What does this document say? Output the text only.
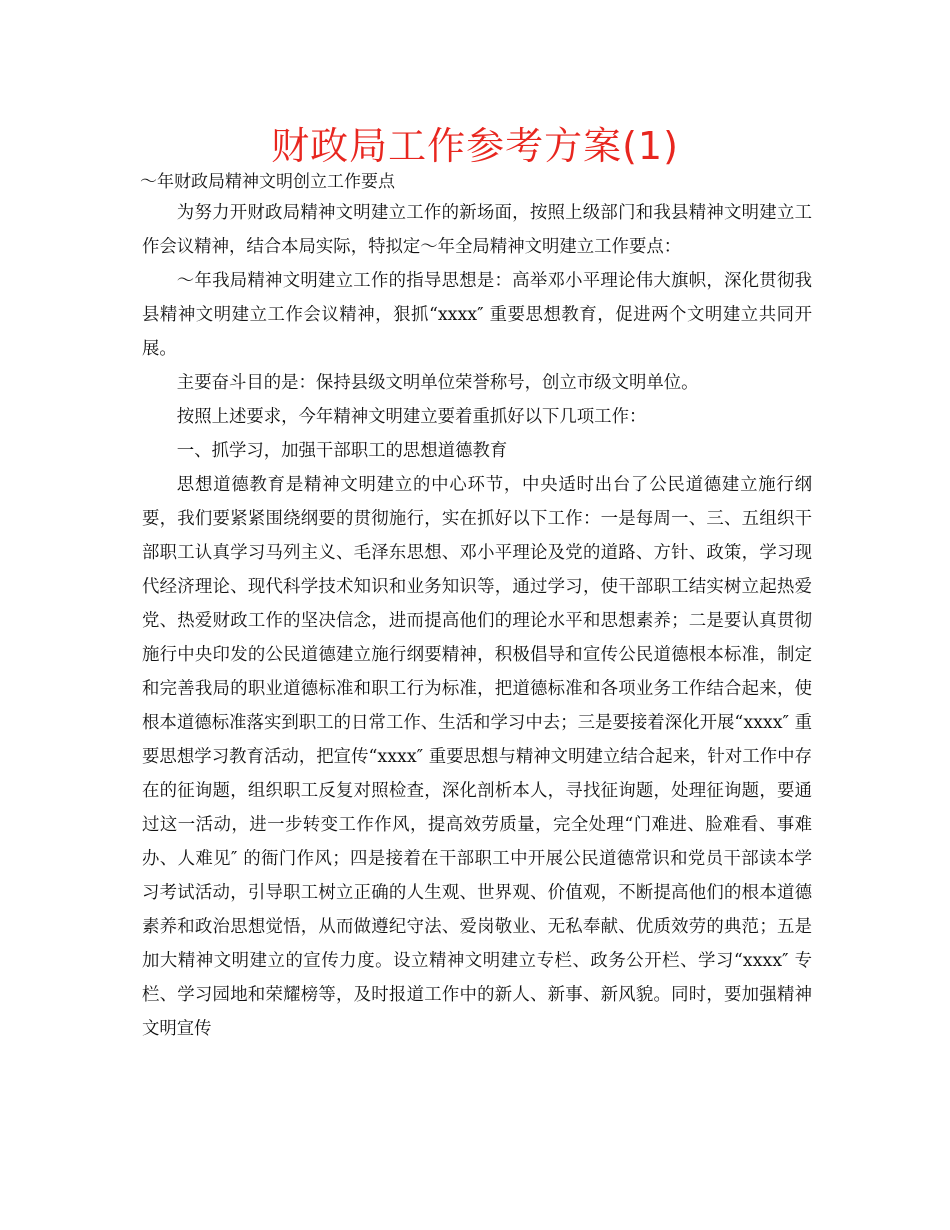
财政局工作参考方案(1)
～年财政局精神文明创立工作要点

为努力开财政局精神文明建立工作的新场面，按照上级部门和我县精神文明建立工作会议精神，结合本局实际，特拟定～年全局精神文明建立工作要点：

～年我局精神文明建立工作的指导思想是：高举邓小平理论伟大旗帜，深化贯彻我县精神文明建立工作会议精神，狠抓“xxxx″ 重要思想教育，促进两个文明建立共同开展。

主要奋斗目的是：保持县级文明单位荣誉称号，创立市级文明单位。

按照上述要求，今年精神文明建立要着重抓好以下几项工作：

一、抓学习，加强干部职工的思想道德教育

思想道德教育是精神文明建立的中心环节，中央适时出台了公民道德建立施行纲要，我们要紧紧围绕纲要的贯彻施行，实在抓好以下工作：一是每周一、三、五组织干部职工认真学习马列主义、毛泽东思想、邓小平理论及党的道路、方针、政策，学习现代经济理论、现代科学技术知识和业务知识等，通过学习，使干部职工结实树立起热爱党、热爱财政工作的坚决信念，进而提高他们的理论水平和思想素养；二是要认真贯彻施行中央印发的公民道德建立施行纲要精神，积极倡导和宣传公民道德根本标准，制定和完善我局的职业道德标准和职工行为标准，把道德标准和各项业务工作结合起来，使根本道德标准落实到职工的日常工作、生活和学习中去；三是要接着深化开展“xxxx″ 重要思想学习教育活动，把宣传“xxxx″ 重要思想与精神文明建立结合起来，针对工作中存在的征询题，组织职工反复对照检查，深化剖析本人，寻找征询题，处理征询题，要通过这一活动，进一步转变工作作风，提高效劳质量，完全处理“门难进、脸难看、事难办、人难见″ 的衙门作风；四是接着在干部职工中开展公民道德常识和党员干部读本学习考试活动，引导职工树立正确的人生观、世界观、价值观，不断提高他们的根本道德素养和政治思想觉悟，从而做遵纪守法、爱岗敬业、无私奉献、优质效劳的典范；五是加大精神文明建立的宣传力度。设立精神文明建立专栏、政务公开栏、学习“xxxx″ 专栏、学习园地和荣耀榜等，及时报道工作中的新人、新事、新风貌。同时，要加强精神文明宣传
